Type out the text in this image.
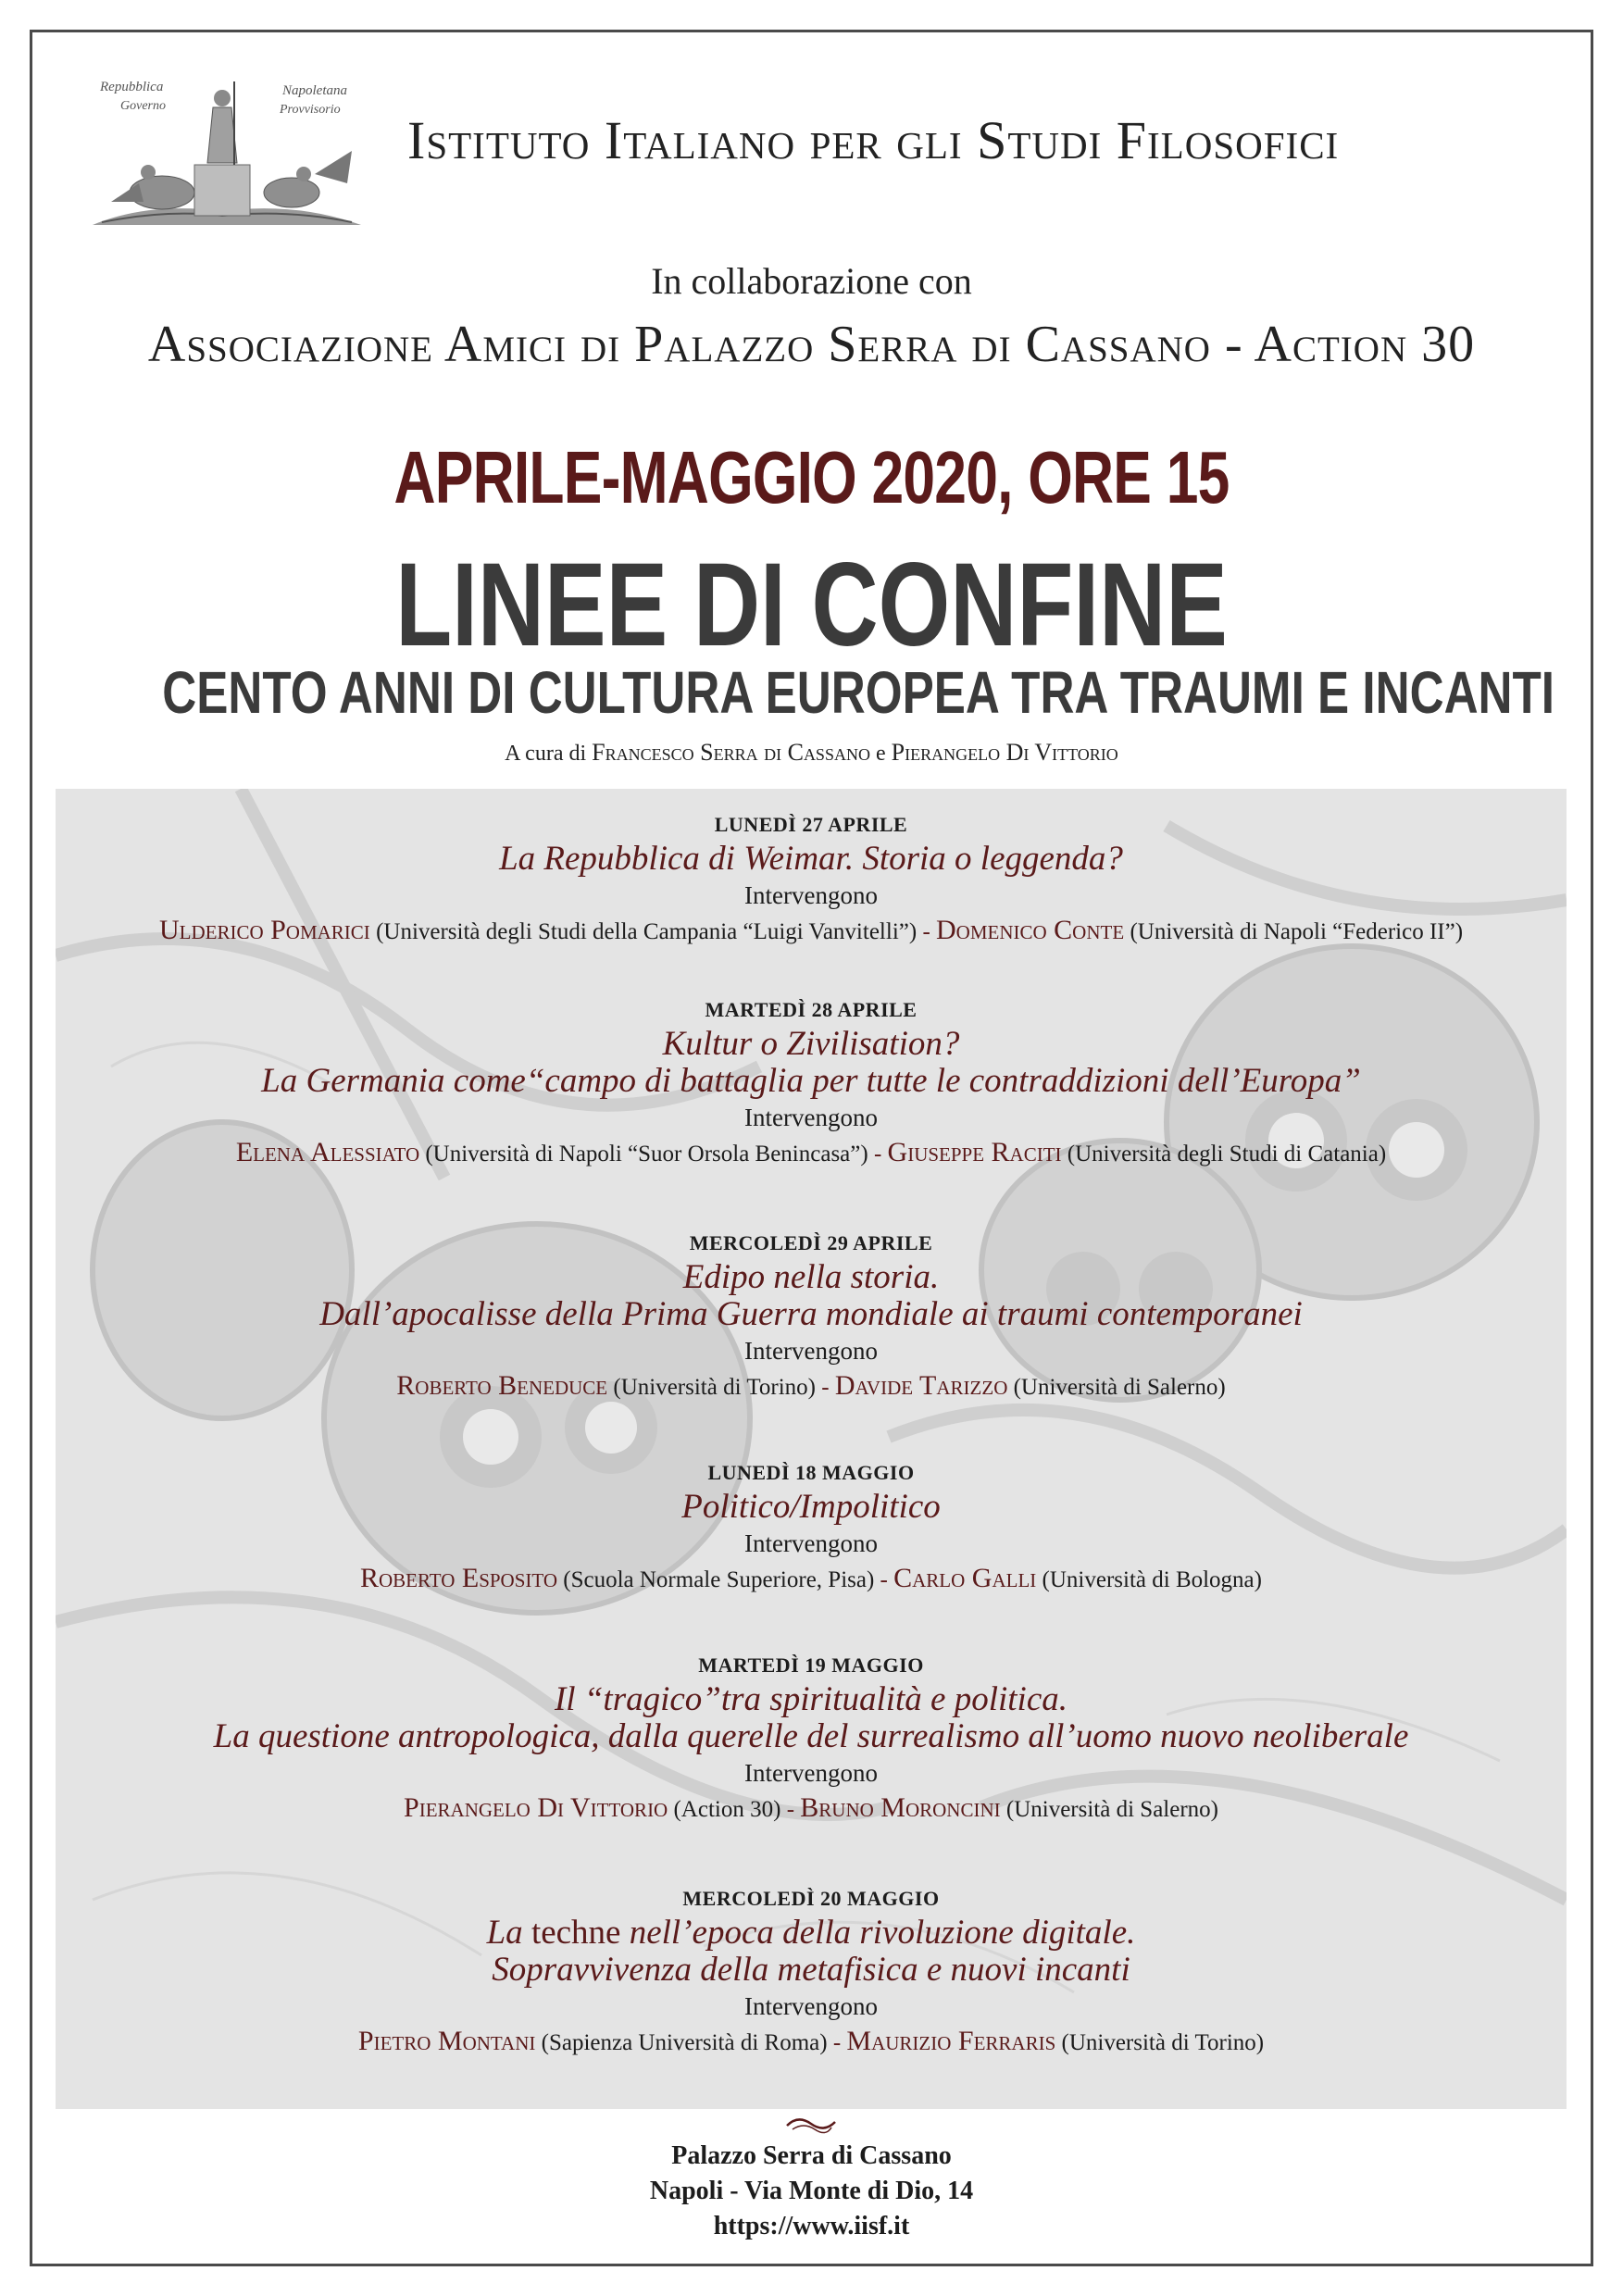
Repubblica
Governo
Napoletana
Provvisorio
Istituto Italiano per gli Studi Filosofici
In collaborazione con
Associazione Amici di Palazzo Serra di Cassano - Action 30
APRILE-MAGGIO 2020, ORE 15
LINEE DI CONFINE
CENTO ANNI DI CULTURA EUROPEA TRA TRAUMI E INCANTI
A cura di Francesco Serra di Cassano e Pierangelo Di Vittorio
LUNEDÌ 27 APRILE
La Repubblica di Weimar. Storia o leggenda?
Intervengono
Ulderico Pomarici (Università degli Studi della Campania “Luigi Vanvitelli”) - Domenico Conte (Università di Napoli “Federico II”)
MARTEDÌ 28 APRILE
Kultur o Zivilisation?
La Germania come“campo di battaglia per tutte le contraddizioni dell’Europa”
Intervengono
Elena Alessiato (Università di Napoli “Suor Orsola Benincasa”) - Giuseppe Raciti (Università degli Studi di Catania)
MERCOLEDÌ 29 APRILE
Edipo nella storia.
Dall’apocalisse della Prima Guerra mondiale ai traumi contemporanei
Intervengono
Roberto Beneduce (Università di Torino) - Davide Tarizzo (Università di Salerno)
LUNEDÌ 18 MAGGIO
Politico/Impolitico
Intervengono
Roberto Esposito (Scuola Normale Superiore, Pisa) - Carlo Galli (Università di Bologna)
MARTEDÌ 19 MAGGIO
Il “tragico”tra spiritualità e politica.
La questione antropologica, dalla querelle del surrealismo all’uomo nuovo neoliberale
Intervengono
Pierangelo Di Vittorio (Action 30) - Bruno Moroncini (Università di Salerno)
MERCOLEDÌ 20 MAGGIO
La techne nell’epoca della rivoluzione digitale.
Sopravvivenza della metafisica e nuovi incanti
Intervengono
Pietro Montani (Sapienza Università di Roma) - Maurizio Ferraris (Università di Torino)
Palazzo Serra di Cassano
Napoli - Via Monte di Dio, 14
https://www.iisf.it
